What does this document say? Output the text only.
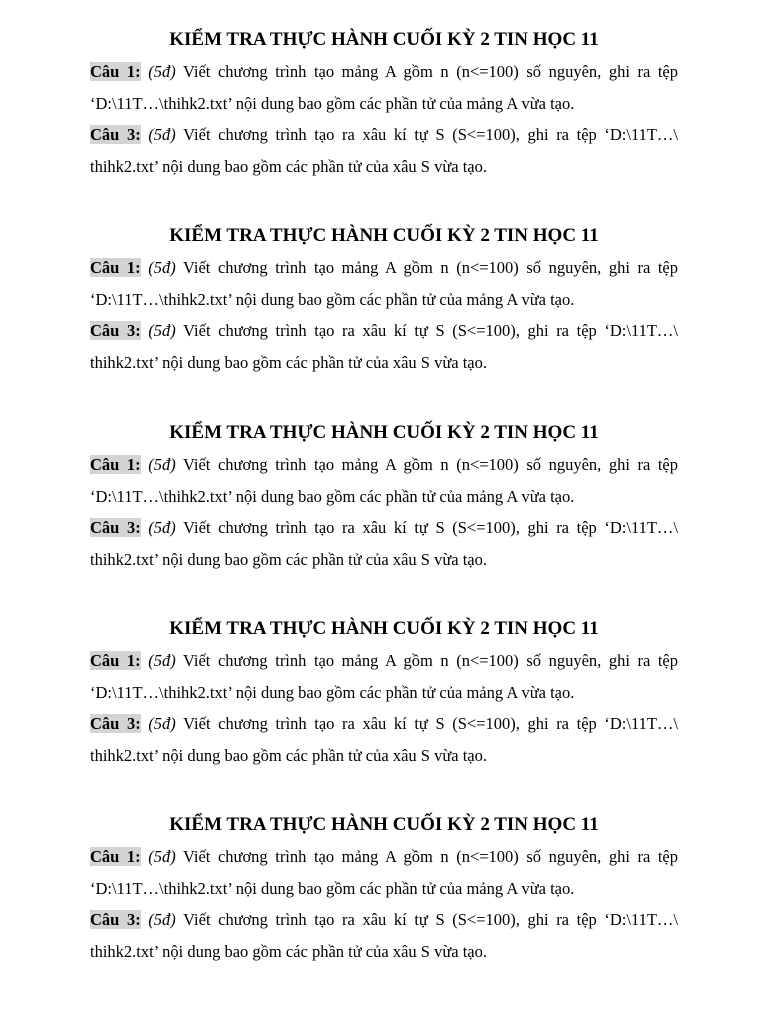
KIỂM TRA THỰC HÀNH CUỐI KỲ 2 TIN HỌC 11

Câu 1: (5đ) Viết chương trình tạo mảng A gồm n (n<=100) số nguyên, ghi ra tệp ‘D:\11T…\thihk2.txt’ nội dung bao gồm các phần tử của mảng A vừa tạo.

Câu 3: (5đ) Viết chương trình tạo ra xâu kí tự S (S<=100), ghi ra tệp ‘D:\11T…\ thihk2.txt’ nội dung bao gồm các phần tử của xâu S vừa tạo.

KIỂM TRA THỰC HÀNH CUỐI KỲ 2 TIN HỌC 11

Câu 1: (5đ) Viết chương trình tạo mảng A gồm n (n<=100) số nguyên, ghi ra tệp ‘D:\11T…\thihk2.txt’ nội dung bao gồm các phần tử của mảng A vừa tạo.

Câu 3: (5đ) Viết chương trình tạo ra xâu kí tự S (S<=100), ghi ra tệp ‘D:\11T…\ thihk2.txt’ nội dung bao gồm các phần tử của xâu S vừa tạo.

KIỂM TRA THỰC HÀNH CUỐI KỲ 2 TIN HỌC 11

Câu 1: (5đ) Viết chương trình tạo mảng A gồm n (n<=100) số nguyên, ghi ra tệp ‘D:\11T…\thihk2.txt’ nội dung bao gồm các phần tử của mảng A vừa tạo.

Câu 3: (5đ) Viết chương trình tạo ra xâu kí tự S (S<=100), ghi ra tệp ‘D:\11T…\ thihk2.txt’ nội dung bao gồm các phần tử của xâu S vừa tạo.

KIỂM TRA THỰC HÀNH CUỐI KỲ 2 TIN HỌC 11

Câu 1: (5đ) Viết chương trình tạo mảng A gồm n (n<=100) số nguyên, ghi ra tệp ‘D:\11T…\thihk2.txt’ nội dung bao gồm các phần tử của mảng A vừa tạo.

Câu 3: (5đ) Viết chương trình tạo ra xâu kí tự S (S<=100), ghi ra tệp ‘D:\11T…\ thihk2.txt’ nội dung bao gồm các phần tử của xâu S vừa tạo.

KIỂM TRA THỰC HÀNH CUỐI KỲ 2 TIN HỌC 11

Câu 1: (5đ) Viết chương trình tạo mảng A gồm n (n<=100) số nguyên, ghi ra tệp ‘D:\11T…\thihk2.txt’ nội dung bao gồm các phần tử của mảng A vừa tạo.

Câu 3: (5đ) Viết chương trình tạo ra xâu kí tự S (S<=100), ghi ra tệp ‘D:\11T…\ thihk2.txt’ nội dung bao gồm các phần tử của xâu S vừa tạo.
